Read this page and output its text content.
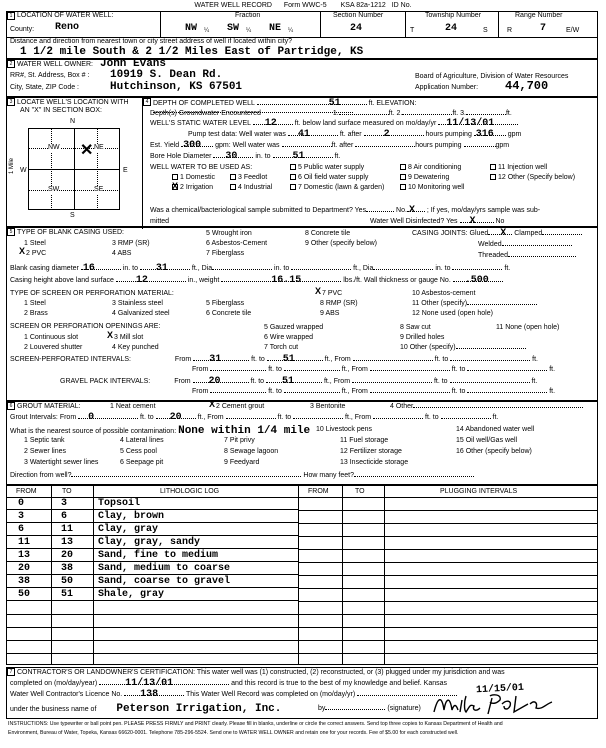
WATER WELL RECORD Form WWC-5 KSA 82a-1212 ID No.
1 LOCATION OF WATER WELL:
County: Reno
Fraction
NW ¼ SW ¼ NE ¼
Section Number
24
Township Number
T	24	S
Range Number
R	7	E/W
Distance and direction from nearest town or city street address of well if located within city?
1 1/2 mile South & 2 1/2 Miles East of Partridge, KS
2 WATER WELL OWNER: John Evans
RR#, St. Address, Box # : 10919 S. Dean Rd.
City, State, ZIP Code :	Hutchinson, KS 67501
Board of Agriculture, Division of Water Resources
Application Number: 44,700
3 LOCATE WELL'S LOCATION WITH
AN "X" IN SECTION BOX:
N
S
W	E
NW	NE
SW	SE
✕
1 Mile
4 DEPTH OF COMPLETED WELL	51	ft. ELEVATION:
Depth(s) Groundwater Encountered	1.	ft. 2.	ft. 3.	ft.
WELL'S STATIC WATER LEVEL 12	ft. below land surface measured on mo/day/yr 11/13/01
Pump test data: Well water was 41	ft. after 2	hours pumping 316 gpm
Est. Yield 300 gpm: Well water was	ft. after	hours pumping	gpm
Bore Hole Diameter 30	in. to 51	ft.
WELL WATER TO BE USED AS:
1 Domestic
X2 Irrigation
3 Feedlot
4 Industrial
5 Public water supply
6 Oil field water supply
7 Domestic (lawn & garden)
8 Air conditioning
9 Dewatering
10 Monitoring well
11 Injection well
12 Other (Specify below)
Was a chemical/bacteriological sample submitted to Department? Yes	No. X ; If yes, mo/day/yrs sample was sub-
mitted	Water Well Disinfected? Yes X	No
5 TYPE OF BLANK CASING USED:
1 Steel
X2 PVC
3 RMP (SR)
4 ABS
5 Wrought iron
6 Asbestos-Cement
7 Fiberglass
8 Concrete tile
9 Other (specify below)
CASING JOINTS: Glued X Clamped
Welded
Threaded
Blank casing diameter 16	in. to 31	ft., Dia	in. to	ft., Dia	in. to	ft.
Casing height above land surface 12	in., weight	16.15	lbs./ft. Wall thickness or gauge No. .500
TYPE OF SCREEN OR PERFORATION MATERIAL:
1 Steel
2 Brass
3 Stainless steel
4 Galvanized steel
5 Fiberglass
6 Concrete tile
X7 PVC
8 RMP (SR)
9 ABS
10 Asbestos-cement
11 Other (specify)
12 None used (open hole)
SCREEN OR PERFORATION OPENINGS ARE:
1 Continuous slot
2 Louvered shutter
X3 Mill slot
4 Key punched
5 Gauzed wrapped
6 Wire wrapped
7 Torch cut
8 Saw cut
9 Drilled holes
10 Other (specify)
11 None (open hole)
SCREEN-PERFORATED INTERVALS:	From 31	ft. to 51	ft., From	ft. to	ft.
From	ft. to	ft., From	ft. to	ft.
GRAVEL PACK INTERVALS:	From 20	ft. to 51	ft., From	ft. to	ft.
From	ft. to	ft., From	ft. to	ft.
6 GROUT MATERIAL:	1 Neat cement
X	2 Cement grout	3 Bentonite	4 Other
Grout Intervals: From 0	ft. to 20 ft., From	ft. to	ft., From	ft. to	ft.
What is the nearest source of possible contamination: None within 1/4 mile 10 Livestock pens	14 Abandoned water well
1 Septic tank
2 Sewer lines
3 Watertight sewer lines
4 Lateral lines
5 Cess pool
6 Seepage pit
7 Pit privy
8 Sewage lagoon
9 Feedyard
11 Fuel storage
12 Fertilizer storage
13 Insecticide storage
15 Oil well/Gas well
16 Other (specify below)
Direction from well?	How many feet?
FROM	TO	LITHOLOGIC LOG	FROM	TO	PLUGGING INTERVALS
0	3	Topsoil
3	6	Clay, brown
6	11 Clay, gray
11	13 Clay, gray, sandy
13	20 Sand, fine to medium
20	38 Sand, medium to coarse
38	50 Sand, coarse to gravel
50	51 Shale, gray
7 CONTRACTOR'S OR LANDOWNER'S CERTIFICATION: This water well was (1) constructed, (2) reconstructed, or (3) plugged under my jurisdiction and was
completed on (mo/day/year)	11/13/01	and this record is true to the best of my knowledge and belief. Kansas
Water Well Contractor's Licence No. 138	This Water Well Record was completed on (mo/day/yr)	11/15/01
under the business name of Peterson Irrigation, Inc.	by	(signature)
INSTRUCTIONS: Use typewriter or ball point pen. PLEASE PRESS FIRMLY and PRINT clearly. Please fill in blanks, underline or circle the correct answers. Send top three copies to Kansas Department of Health and
Environment, Bureau of Water, Topeka, Kansas 66620-0001. Telephone 785-296-5524. Send one to WATER WELL OWNER and retain one for your records. Fee of $5.00 for each constructed well.
